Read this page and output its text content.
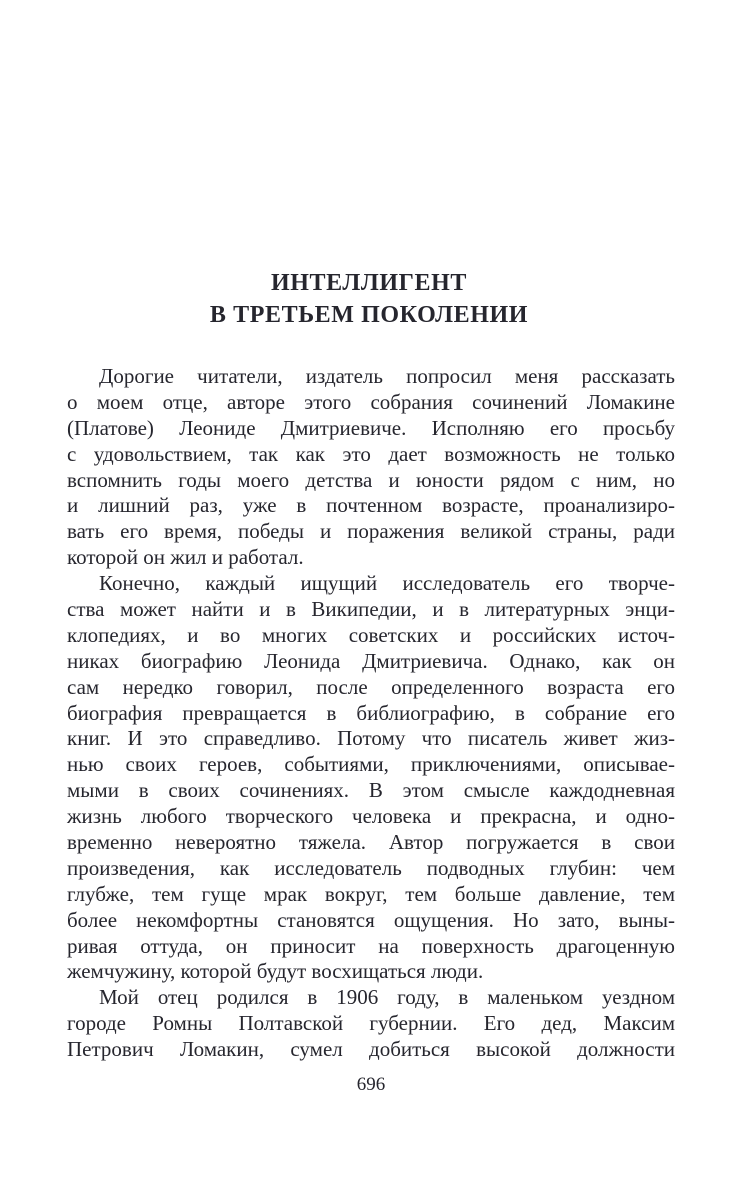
ИНТЕЛЛИГЕНТ
В ТРЕТЬЕМ ПОКОЛЕНИИ
Дорогие читатели, издатель попросил меня рассказать
о моем отце, авторе этого собрания сочинений Ломакине
(Платове) Леониде Дмитриевиче. Исполняю его просьбу
с удовольствием, так как это дает возможность не только
вспомнить годы моего детства и юности рядом с ним, но
и лишний раз, уже в почтенном возрасте, проанализиро-
вать его время, победы и поражения великой страны, ради
которой он жил и работал.
Конечно, каждый ищущий исследователь его творче-
ства может найти и в Википедии, и в литературных энци-
клопедиях, и во многих советских и российских источ-
никах биографию Леонида Дмитриевича. Однако, как он
сам нередко говорил, после определенного возраста его
биография превращается в библиографию, в собрание его
книг. И это справедливо. Потому что писатель живет жиз-
нью своих героев, событиями, приключениями, описывае-
мыми в своих сочинениях. В этом смысле каждодневная
жизнь любого творческого человека и прекрасна, и одно-
временно невероятно тяжела. Автор погружается в свои
произведения, как исследователь подводных глубин: чем
глубже, тем гуще мрак вокруг, тем больше давление, тем
более некомфортны становятся ощущения. Но зато, выны-
ривая оттуда, он приносит на поверхность драгоценную
жемчужину, которой будут восхищаться люди.
Мой отец родился в 1906 году, в маленьком уездном
городе Ромны Полтавской губернии. Его дед, Максим
Петрович Ломакин, сумел добиться высокой должности
696
